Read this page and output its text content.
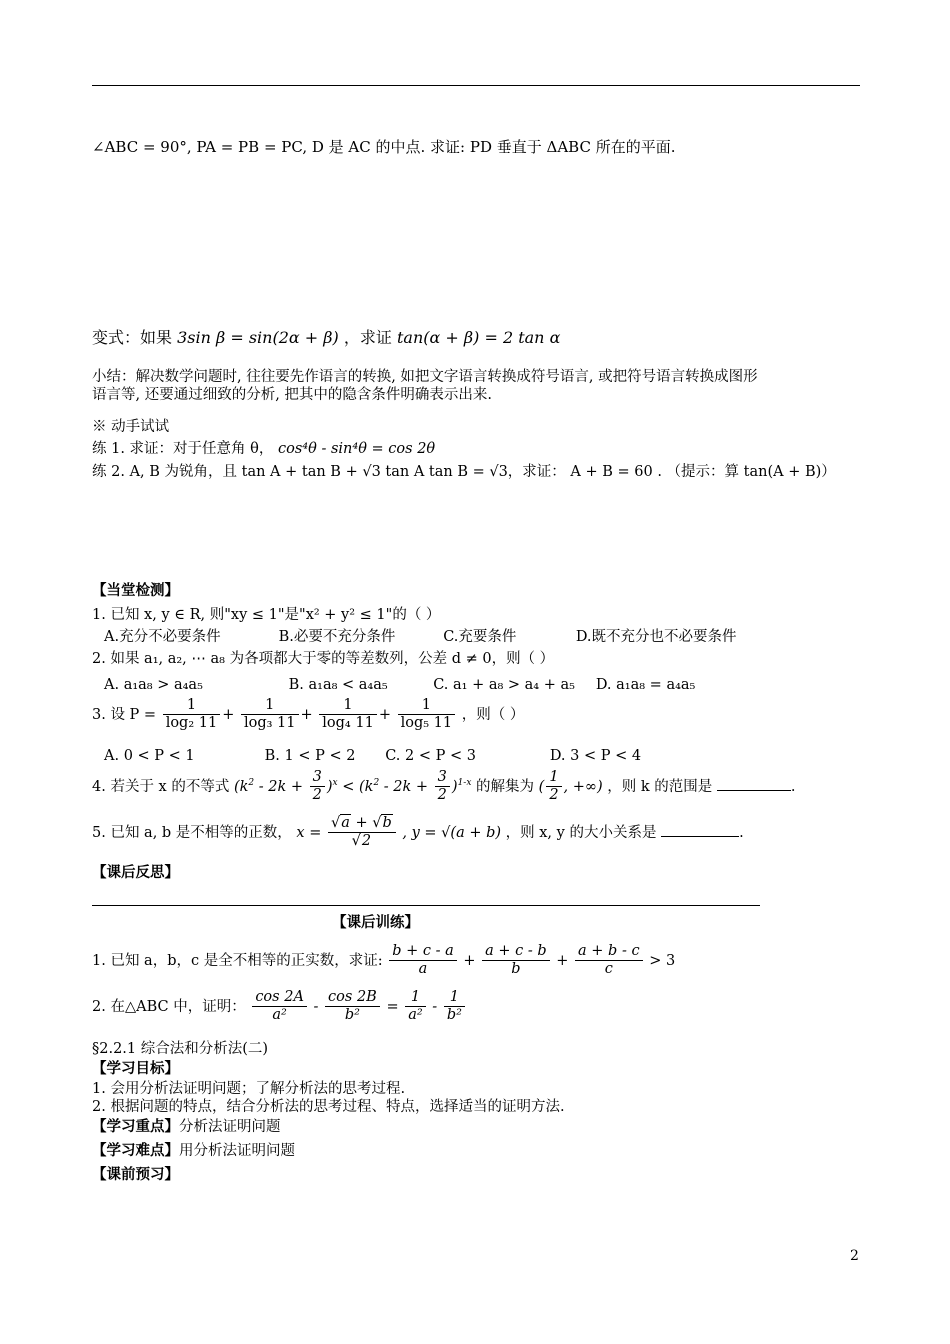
∠ABC = 90°, PA = PB = PC, D 是 AC 的中点. 求证: PD 垂直于 ΔABC 所在的平面.
变式：如果 3sin β = sin(2α + β) ，求证 tan(α + β) = 2 tan α
小结：解决数学问题时, 往往要先作语言的转换, 如把文字语言转换成符号语言, 或把符号语言转换成图形
语言等, 还要通过细致的分析, 把其中的隐含条件明确表示出来.
※ 动手试试
练 1. 求证：对于任意角 θ， cos⁴θ - sin⁴θ = cos 2θ
练 2. A, B 为锐角，且 tan A + tan B + √3 tan A tan B = √3，求证： A + B = 60 . （提示：算 tan(A + B)）
【当堂检测】
1. 已知 x, y ∈ R, 则"xy ≤ 1"是"x² + y² ≤ 1"的（ ）
A.充分不必要条件	B.必要不充分条件	C.充要条件	D.既不充分也不必要条件
2. 如果 a₁, a₂, ⋯ a₈ 为各项都大于零的等差数列，公差 d ≠ 0，则（ ）
A. a₁a₈ > a₄a₅	B. a₁a₈ < a₄a₅	C. a₁ + a₈ > a₄ + a₅ D. a₁a₈ = a₄a₅
3. 设 $P = \frac{1}{\text{log₂ 11}} + \frac{1}{\text{log₃ 11}} + \frac{1}{\text{log₄ 11}} + \frac{1}{\text{log₅ 11}}$ ，则（ ）
A. 0 < P < 1	B. 1 < P < 2 C. 2 < P < 3	D. 3 < P < 4
4. 若关于 x 的不等式 $(k^2 - 2k + \frac{3}{2} )^x < (k^2 - 2k + \frac{3}{2} )^{1-x}$ 的解集为 ( $\frac{1}{2}$ , +∞) ，则 k 的范围是	.
5. 已知 a, b 是不相等的正数， $x = \frac{√a + √b}{√2}$ , y = √(a + b) ，则 x, y 的大小关系是	.
【课后反思】
【课后训练】
1. 已知 a，b，c 是全不相等的正实数，求证: $\frac{b + c - a}{a} + \frac{a + c - b}{b} + \frac{a + b - c}{c} > 3$
2. 在△ABC 中，证明： $\frac{\cos 2A}{\text{a²}} - \frac{\cos 2B}{\text{b²}} = \frac{1}{\text{a²}} - \frac{1}{\text{b²}}$
§2.2.1 综合法和分析法(二)
【学习目标】
1. 会用分析法证明问题；了解分析法的思考过程.
2. 根据问题的特点，结合分析法的思考过程、特点，选择适当的证明方法.
【学习重点】分析法证明问题
【学习难点】用分析法证明问题
【课前预习】
2
